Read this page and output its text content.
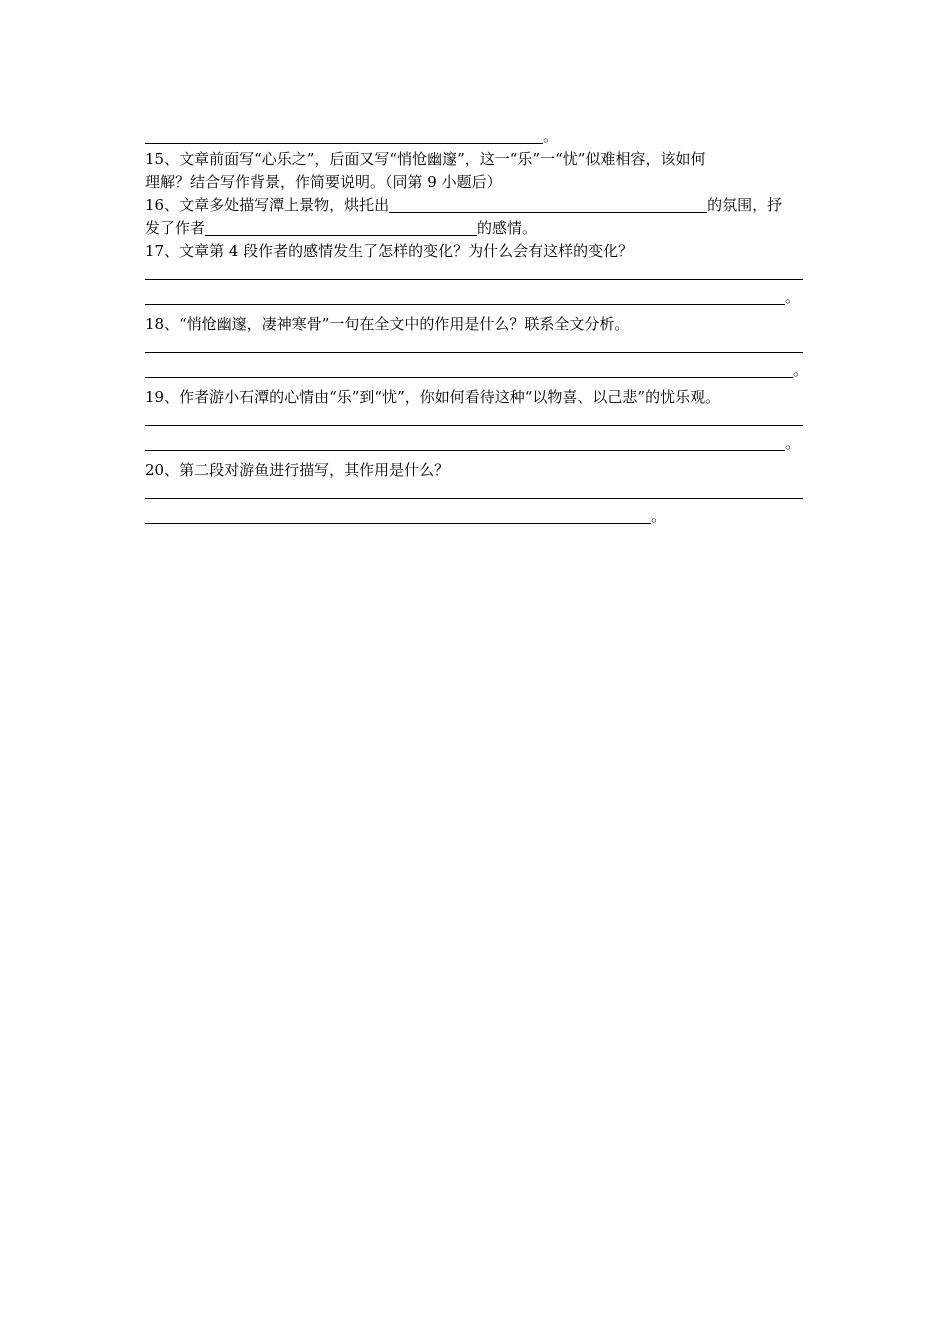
。
15、文章前面写“心乐之”，后面又写“悄怆幽邃”，这一“乐”一“忧”似难相容，该如何
理解？结合写作背景，作简要说明。（同第 9 小题后）
16、文章多处描写潭上景物，烘托出	的氛围，抒
发了作者	的感情。
17、文章第 4 段作者的感情发生了怎样的变化？为什么会有这样的变化？
。
18、“悄怆幽邃，凄神寒骨”一句在全文中的作用是什么？联系全文分析。
。
19、作者游小石潭的心情由“乐”到“忧”，你如何看待这种“以物喜、以己悲”的忧乐观。
。
20、第二段对游鱼进行描写，其作用是什么？
。
